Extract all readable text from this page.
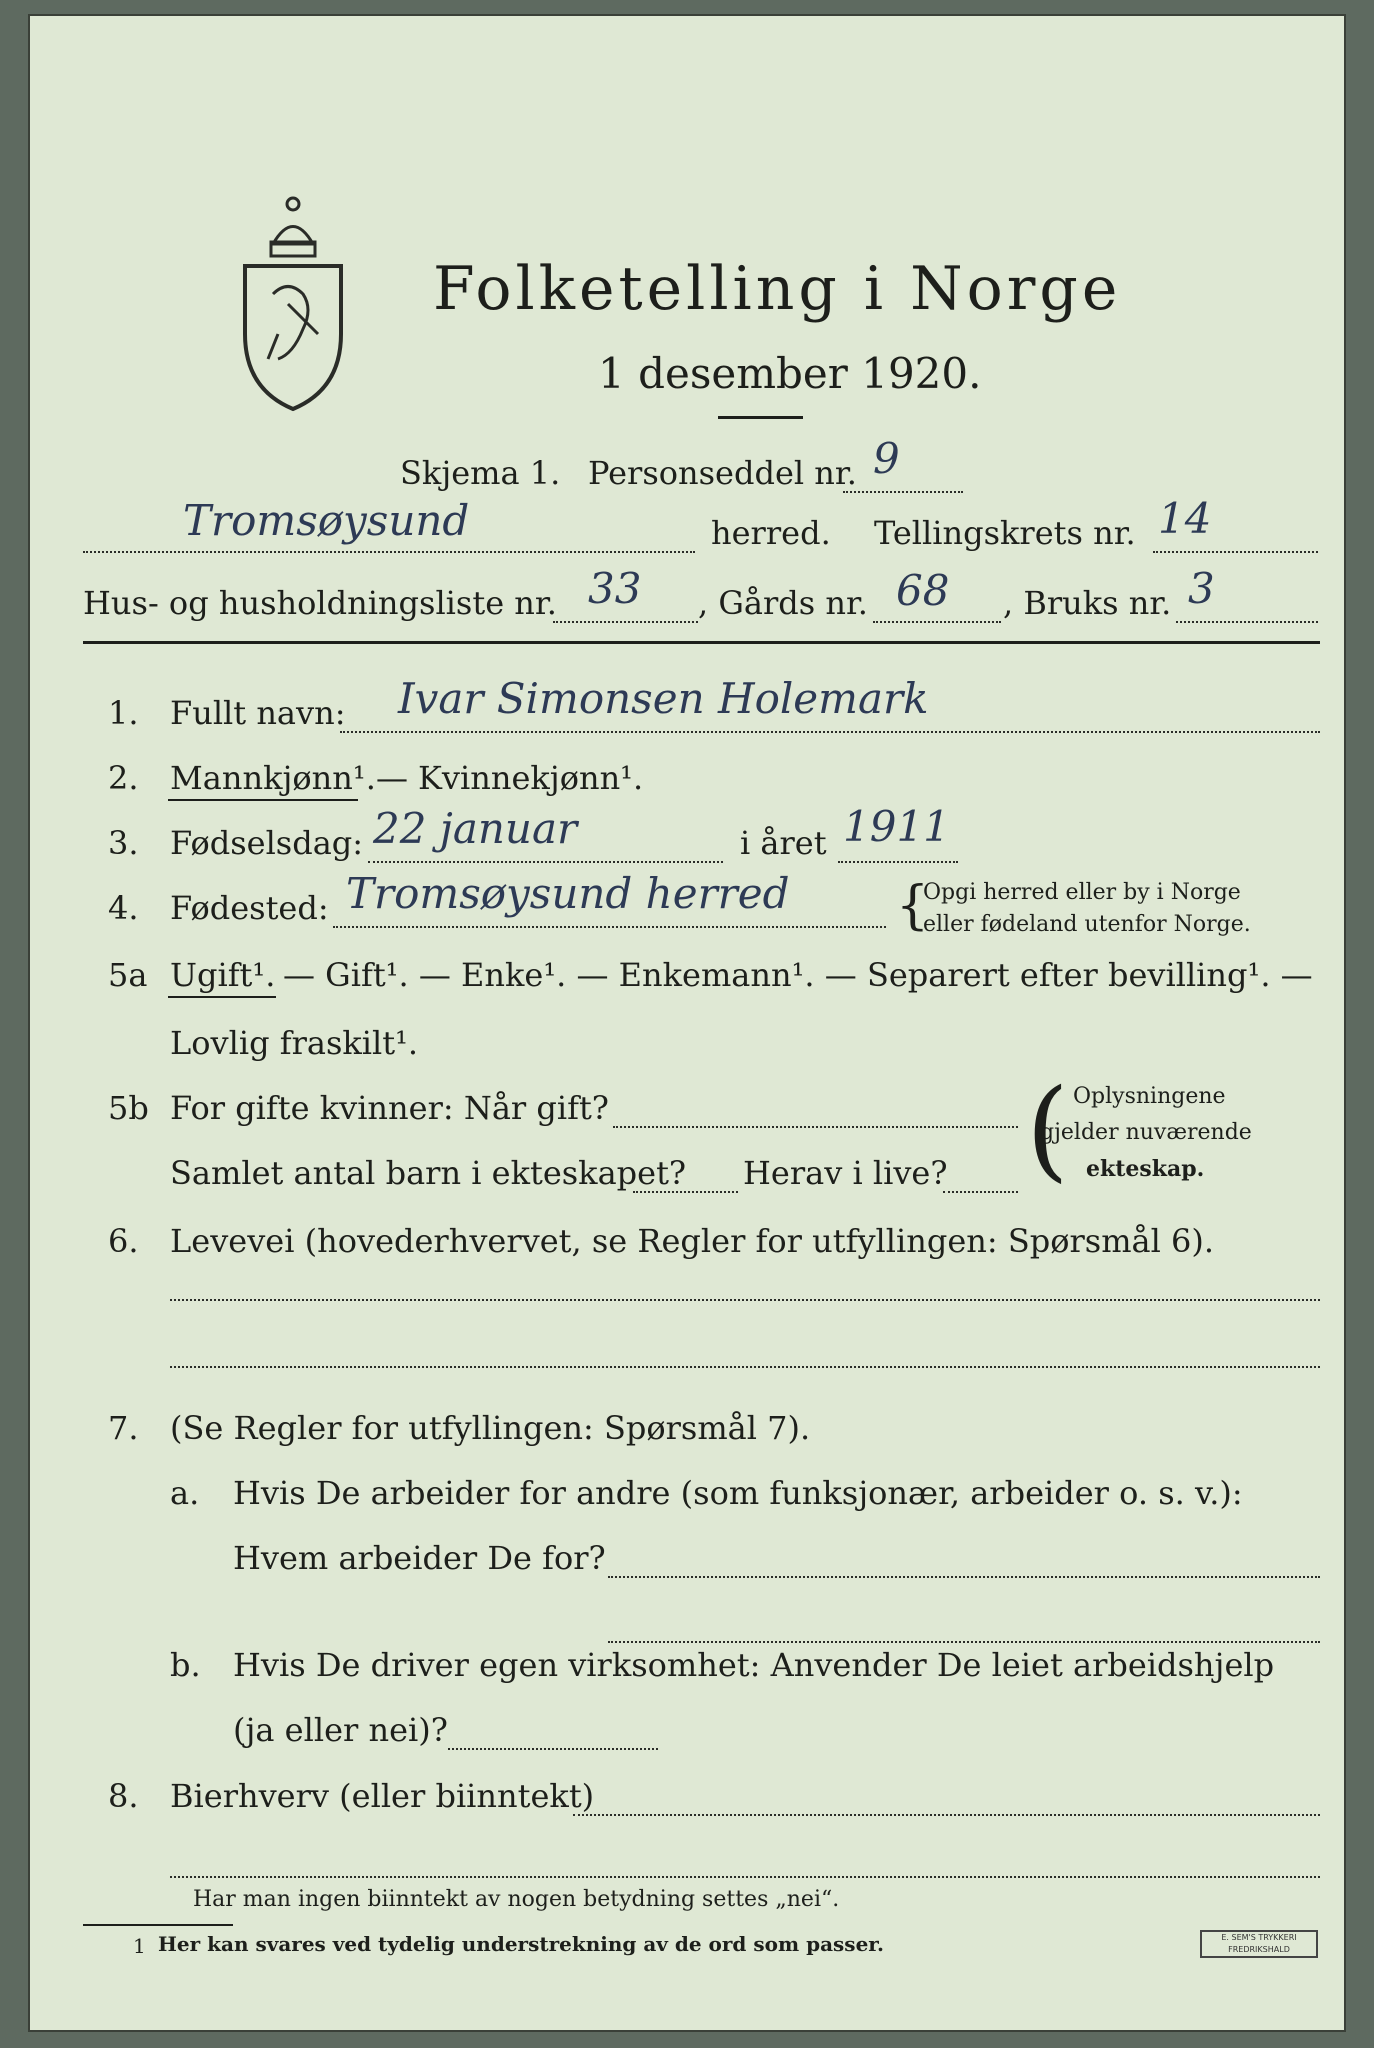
Folketelling i Norge
1 desember 1920.
Skjema 1. Personseddel nr. 9
Tromsøysund	herred. Tellingskrets nr. 14
Hus- og husholdningsliste nr. 33 , Gårds nr. 68 , Bruks nr. 3
1. Fullt navn: Ivar Simonsen Holemark
2. Mannkjønn¹. — Kvinnekjønn¹.
3. Fødselsdag: 22 januar	i året 1911
4. Fødested: Tromsøysund herred {
Opgi herred eller by i Norge
eller fødeland utenfor Norge.
5a Ugift¹. — Gift¹. — Enke¹. — Enkemann¹. — Separert efter bevilling¹. —
Lovlig fraskilt¹.
5b For gifte kvinner: Når gift?
Samlet antal barn i ekteskapet? Herav i live? ( Oplysningene
gjelder nuværende
ekteskap.
6. Levevei (hovederhvervet, se Regler for utfyllingen: Spørsmål 6).
7. (Se Regler for utfyllingen: Spørsmål 7).
a. Hvis De arbeider for andre (som funksjonær, arbeider o. s. v.):
Hvem arbeider De for?
b. Hvis De driver egen virksomhet: Anvender De leiet arbeidshjelp
(ja eller nei)?
8. Bierhverv (eller biinntekt)
Har man ingen biinntekt av nogen betydning settes „nei“.
1 Her kan svares ved tydelig understrekning av de ord som passer.	E. SEM'S TRYKKERI
FREDRIKSHALD
